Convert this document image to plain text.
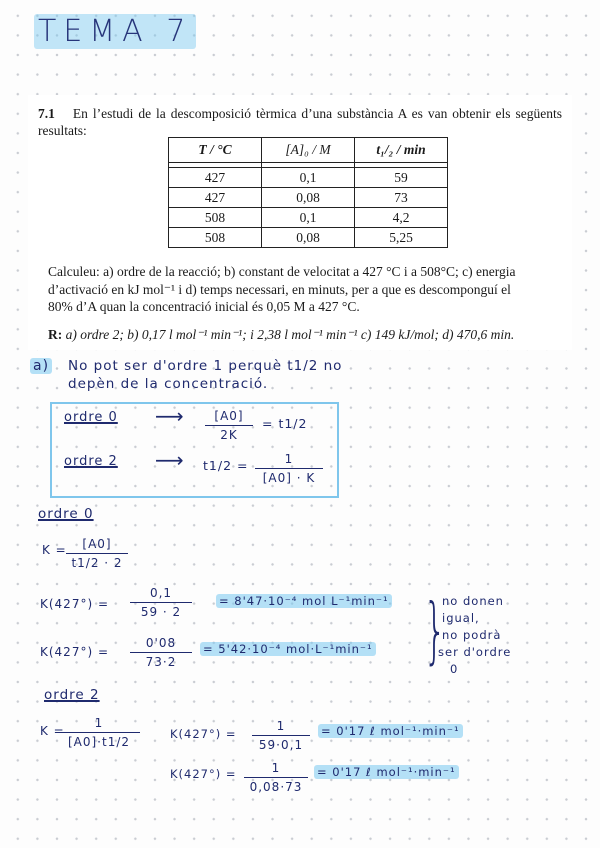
TEMA 7
7.1 En l’estudi de la descomposició tèrmica d’una substància A es van obtenir els següents resultats:
T / °C	[A]₀ / M	t₁/₂ / min

427	0,1	59
427	0,08	73
508	0,1	4,2
508	0,08	5,25
Calculeu: a) ordre de la reacció; b) constant de velocitat a 427 °C i a 508°C; c) energia
d’activació en kJ mol⁻¹ i d) temps necessari, en minuts, per a que es descomponguí el
80% d’A quan la concentració inicial és 0,05 M a 427 °C.
R: a) ordre 2; b) 0,17 l mol⁻¹ min⁻¹; i 2,38 l mol⁻¹ min⁻¹ c) 149 kJ/mol; d) 470,6 min.
a) No pot ser d'ordre 1 perquè t1/2 no
depèn de la concentració.
ordre 0 ⟶	[A0]
2K
= t1/2
ordre 2 ⟶ t1/2 =	1
[A0] · K
ordre 0
K =	[A0]
t1/2 · 2
K(427°) =
0,1
59 · 2
= 8'47·10⁻⁴ mol L⁻¹min⁻¹
K(427°) =
0'08
73·2
= 5'42·10⁻⁴ mol·L⁻¹min⁻¹ }
no donen
igual,
no podrà
ser d'ordre
0
ordre 2
K =
1
[A0]·t1/2
K(427°) =
1
59·0,1
= 0'17 ℓ mol⁻¹·min⁻¹
K(427°) =	1
0,08·73
= 0'17 ℓ mol⁻¹·min⁻¹
